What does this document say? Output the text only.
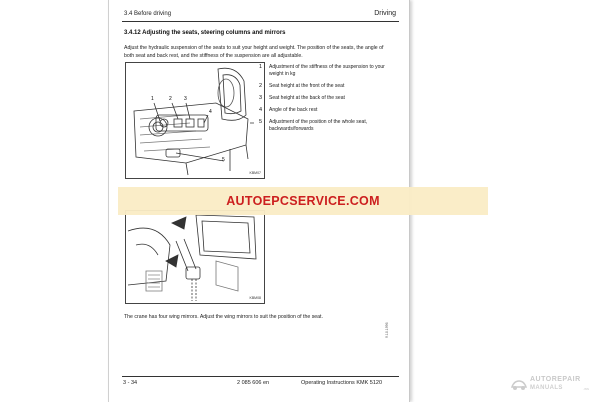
3.4 Before driving	Driving
3.4.12 Adjusting the seats, steering columns and mirrors
Adjust the hydraulic suspension of the seats to suit your height and weight. The position of the seats, the angle of both seat and back rest, and the stiffness of the suspension are all adjustable.
1	2 3
4
5
KBM07
1	Adjustment of the stiffness of the suspension to your weight in kg
2	Seat height at the front of the seat
3	Seat height at the back of the seat
4	Angle of the back rest
5	Adjustment of the position of the whole seat, backwards/forwards
KBM08
The crane has four wing mirrors. Adjust the wing mirrors to suit the position of the seat.
9.10.1996
3 - 34	2 085 606 en	Operating Instructions KMK 5120
AUTOEPCSERVICE.COM
AUTOREPAIR
MANUALS	.ws
